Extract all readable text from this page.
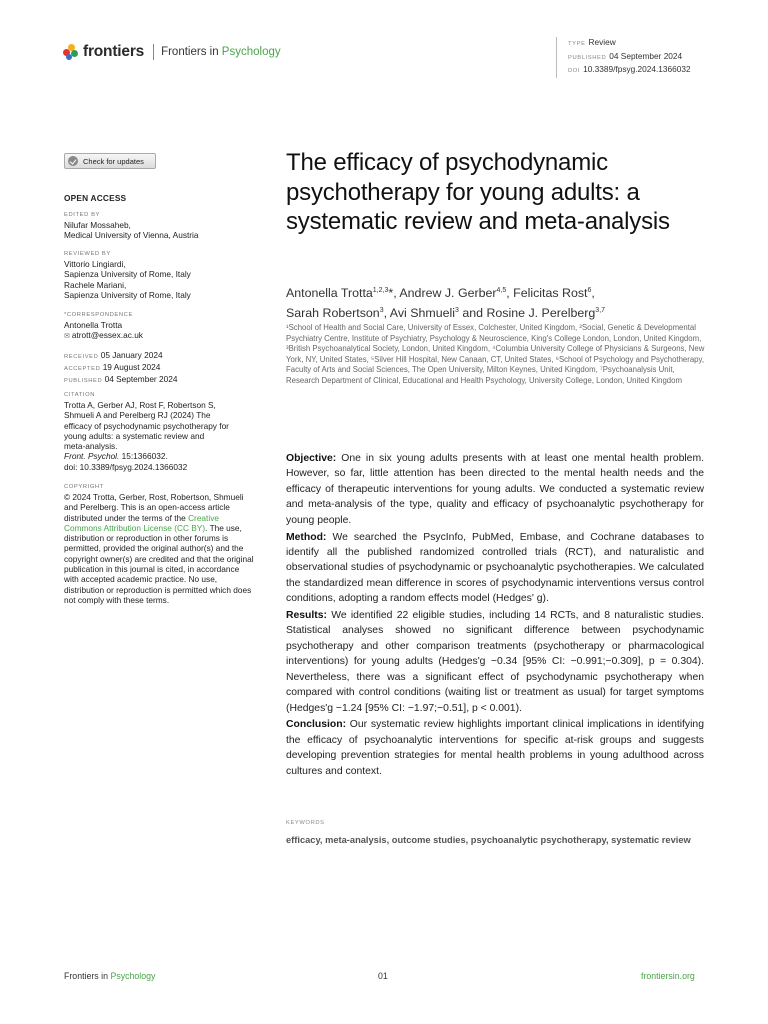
frontiers Frontiers in Psychology
TYPE Review
PUBLISHED 04 September 2024
DOI 10.3389/fpsyg.2024.1366032
Check for updates
OPEN ACCESS
EDITED BY
Nilufar Mossaheb,
Medical University of Vienna, Austria
REVIEWED BY
Vittorio Lingiardi,
Sapienza University of Rome, Italy
Rachele Mariani,
Sapienza University of Rome, Italy
*CORRESPONDENCE
Antonella Trotta
✉ atrott@essex.ac.uk
RECEIVED 05 January 2024
ACCEPTED 19 August 2024
PUBLISHED 04 September 2024
CITATION
Trotta A, Gerber AJ, Rost F, Robertson S,
Shmueli A and Perelberg RJ (2024) The
efficacy of psychodynamic psychotherapy for
young adults: a systematic review and
meta-analysis.
Front. Psychol. 15:1366032.
doi: 10.3389/fpsyg.2024.1366032
COPYRIGHT
© 2024 Trotta, Gerber, Rost, Robertson, Shmueli and Perelberg. This is an open-access article distributed under the terms of the Creative Commons Attribution License (CC BY). The use, distribution or reproduction in other forums is permitted, provided the original author(s) and the copyright owner(s) are credited and that the original publication in this journal is cited, in accordance with accepted academic practice. No use, distribution or reproduction is permitted which does not comply with these terms.
The efficacy of psychodynamic psychotherapy for young adults: a systematic review and meta-analysis
Antonella Trotta$^{1,2,3}$*, Andrew J. Gerber$^{4,5}$, Felicitas Rost$^6$,
Sarah Robertson$^3$, Avi Shmueli$^3$ and Rosine J. Perelberg$^{3,7}$
¹School of Health and Social Care, University of Essex, Colchester, United Kingdom, ²Social, Genetic & Developmental Psychiatry Centre, Institute of Psychiatry, Psychology & Neuroscience, King's College London, London, United Kingdom, ³British Psychoanalytical Society, London, United Kingdom, ⁴Columbia University College of Physicians & Surgeons, New York, NY, United States, ⁵Silver Hill Hospital, New Canaan, CT, United States, ⁶School of Psychology and Psychotherapy, Faculty of Arts and Social Sciences, The Open University, Milton Keynes, United Kingdom, ⁷Psychoanalysis Unit, Research Department of Clinical, Educational and Health Psychology, University College, London, United Kingdom

Objective: One in six young adults presents with at least one mental health problem. However, so far, little attention has been directed to the mental health needs and the efficacy of therapeutic interventions for young adults. We conducted a systematic review and meta-analysis of the type, quality and efficacy of psychoanalytic psychotherapy for young people.

Method: We searched the PsycInfo, PubMed, Embase, and Cochrane databases to identify all the published randomized controlled trials (RCT), and naturalistic and observational studies of psychodynamic or psychoanalytic psychotherapies. We calculated the standardized mean difference in scores of psychodynamic interventions versus control conditions, adopting a random effects model (Hedges' g).

Results: We identified 22 eligible studies, including 14 RCTs, and 8 naturalistic studies. Statistical analyses showed no significant difference between psychodynamic psychotherapy and other comparison treatments (psychotherapy or pharmacological interventions) for young adults (Hedges'g −0.34 [95% CI: −0.991;−0.309], p = 0.304). Nevertheless, there was a significant effect of psychodynamic psychotherapy when compared with control conditions (waiting list or treatment as usual) for target symptoms (Hedges'g −1.24 [95% CI: −1.97;−0.51], p < 0.001).

Conclusion: Our systematic review highlights important clinical implications in identifying the efficacy of psychoanalytic interventions for specific at-risk groups and suggests developing prevention strategies for mental health problems in young adulthood across cultures and context.

KEYWORDS
efficacy, meta-analysis, outcome studies, psychoanalytic psychotherapy, systematic review
Frontiers in Psychology	01	frontiersin.org
